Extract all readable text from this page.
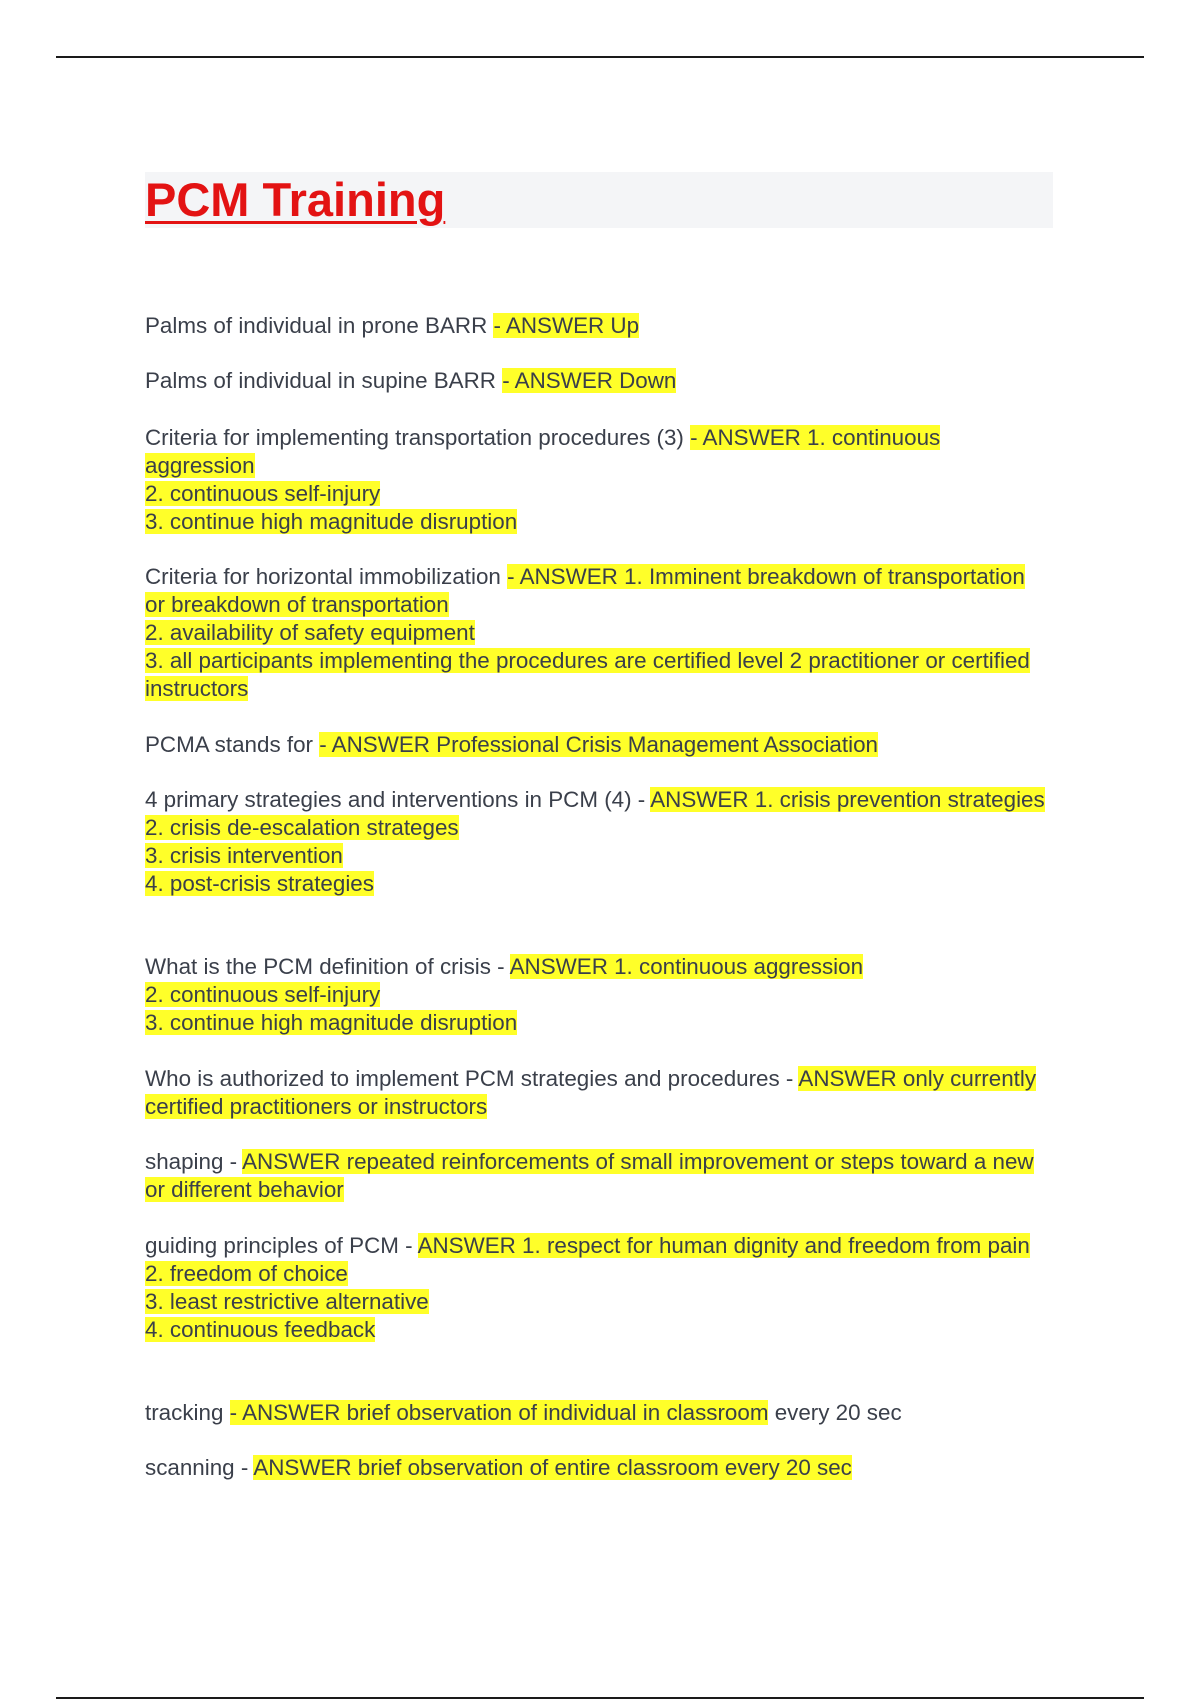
PCM Training

Palms of individual in prone BARR - ANSWER Up

Palms of individual in supine BARR - ANSWER Down

Criteria for implementing transportation procedures (3) - ANSWER 1. continuous aggression
2. continuous self-injury
3. continue high magnitude disruption

Criteria for horizontal immobilization - ANSWER 1. Imminent breakdown of transportation or breakdown of transportation
2. availability of safety equipment
3. all participants implementing the procedures are certified level 2 practitioner or certified instructors

PCMA stands for - ANSWER Professional Crisis Management Association

4 primary strategies and interventions in PCM (4) - ANSWER 1. crisis prevention strategies
2. crisis de-escalation strateges
3. crisis intervention
4. post-crisis strategies

What is the PCM definition of crisis - ANSWER 1. continuous aggression
2. continuous self-injury
3. continue high magnitude disruption

Who is authorized to implement PCM strategies and procedures - ANSWER only currently certified practitioners or instructors

shaping - ANSWER repeated reinforcements of small improvement or steps toward a new or different behavior

guiding principles of PCM - ANSWER 1. respect for human dignity and freedom from pain
2. freedom of choice
3. least restrictive alternative
4. continuous feedback

tracking - ANSWER brief observation of individual in classroom every 20 sec

scanning - ANSWER brief observation of entire classroom every 20 sec
